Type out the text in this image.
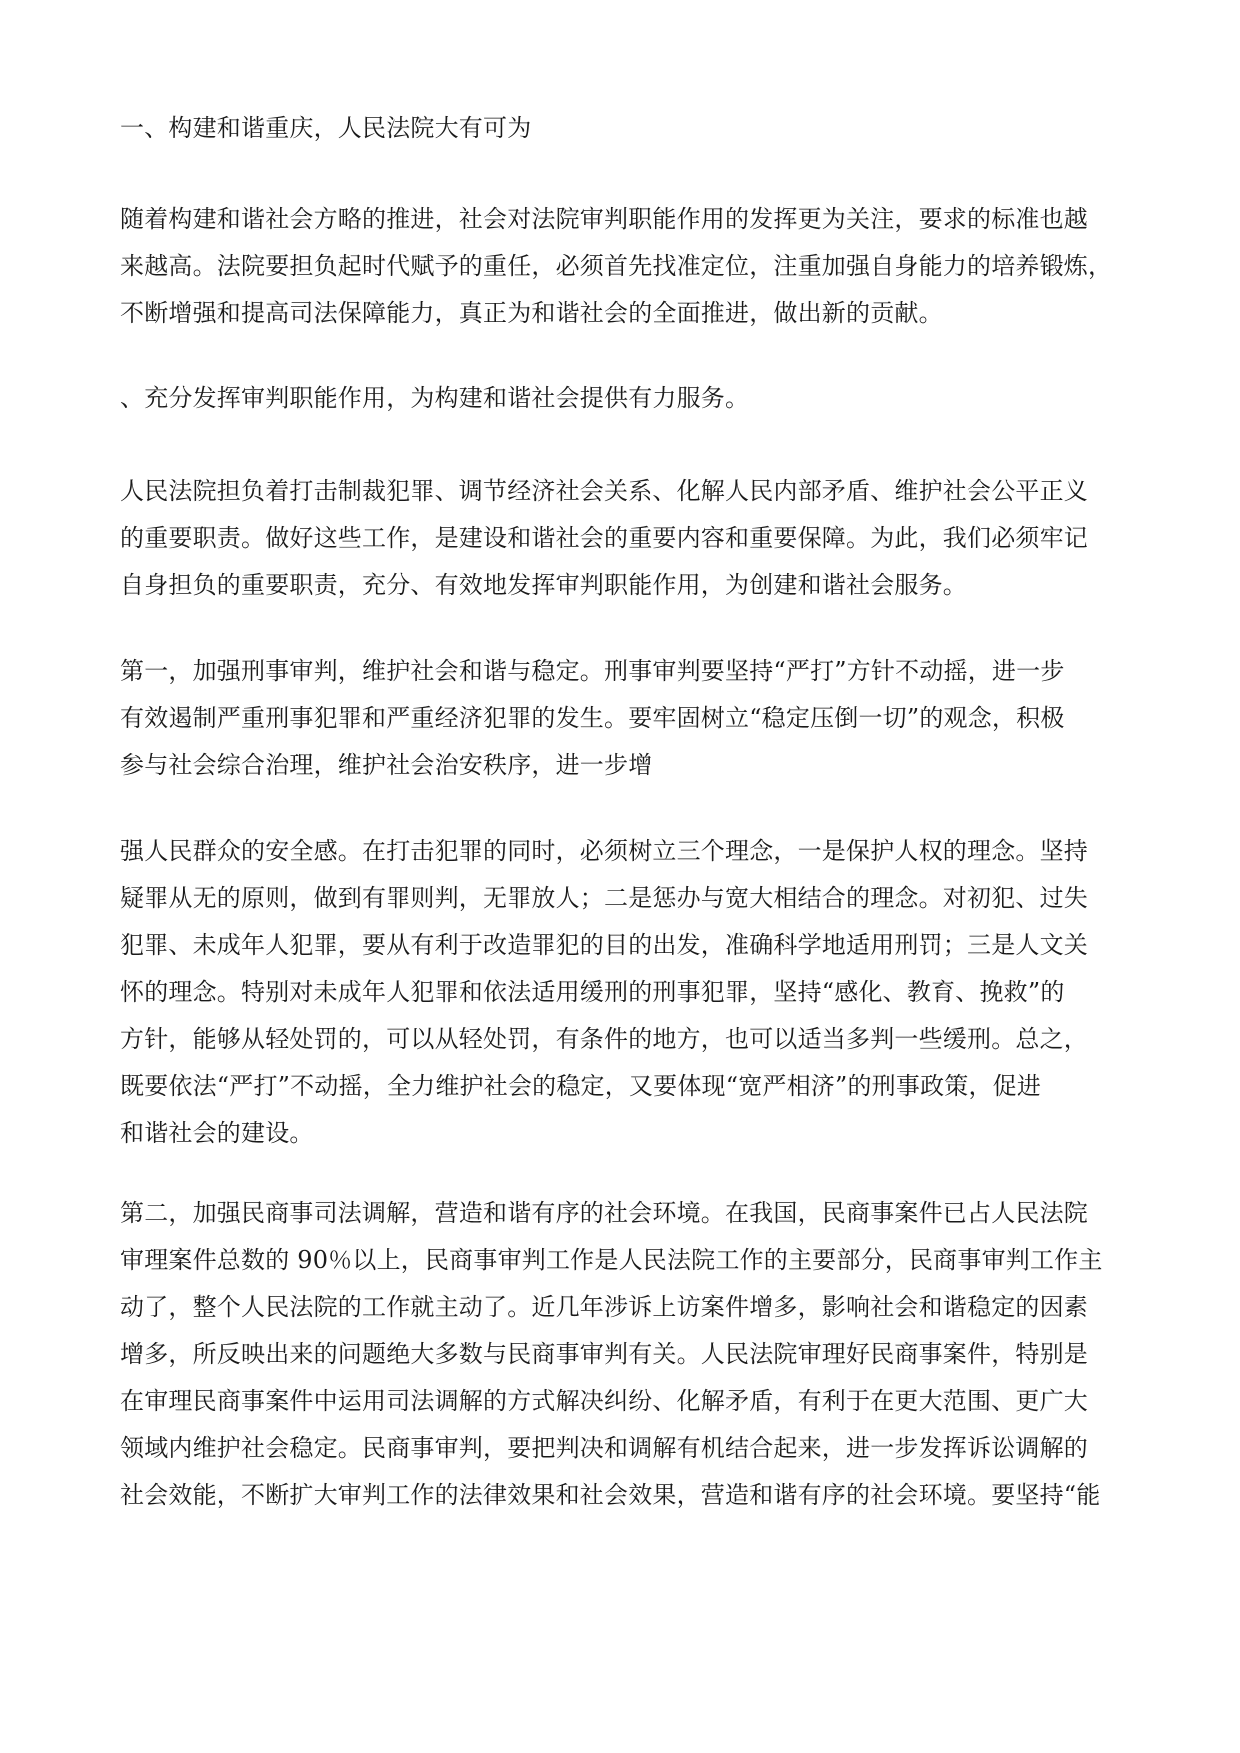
一、构建和谐重庆，人民法院大有可为
随着构建和谐社会方略的推进，社会对法院审判职能作用的发挥更为关注，要求的标准也越
来越高。法院要担负起时代赋予的重任，必须首先找准定位，注重加强自身能力的培养锻炼，
不断增强和提高司法保障能力，真正为和谐社会的全面推进，做出新的贡献。
、充分发挥审判职能作用，为构建和谐社会提供有力服务。
人民法院担负着打击制裁犯罪、调节经济社会关系、化解人民内部矛盾、维护社会公平正义
的重要职责。做好这些工作，是建设和谐社会的重要内容和重要保障。为此，我们必须牢记
自身担负的重要职责，充分、有效地发挥审判职能作用，为创建和谐社会服务。
第一，加强刑事审判，维护社会和谐与稳定。刑事审判要坚持“严打”方针不动摇，进一步
有效遏制严重刑事犯罪和严重经济犯罪的发生。要牢固树立“稳定压倒一切”的观念，积极
参与社会综合治理，维护社会治安秩序，进一步增
强人民群众的安全感。在打击犯罪的同时，必须树立三个理念，一是保护人权的理念。坚持
疑罪从无的原则，做到有罪则判，无罪放人；二是惩办与宽大相结合的理念。对初犯、过失
犯罪、未成年人犯罪，要从有利于改造罪犯的目的出发，准确科学地适用刑罚；三是人文关
怀的理念。特别对未成年人犯罪和依法适用缓刑的刑事犯罪，坚持“感化、教育、挽救”的
方针，能够从轻处罚的，可以从轻处罚，有条件的地方，也可以适当多判一些缓刑。总之，
既要依法“严打”不动摇，全力维护社会的稳定，又要体现“宽严相济”的刑事政策，促进
和谐社会的建设。
第二，加强民商事司法调解，营造和谐有序的社会环境。在我国，民商事案件已占人民法院
审理案件总数的 90％以上，民商事审判工作是人民法院工作的主要部分，民商事审判工作主
动了，整个人民法院的工作就主动了。近几年涉诉上访案件增多，影响社会和谐稳定的因素
增多，所反映出来的问题绝大多数与民商事审判有关。人民法院审理好民商事案件，特别是
在审理民商事案件中运用司法调解的方式解决纠纷、化解矛盾，有利于在更大范围、更广大
领域内维护社会稳定。民商事审判，要把判决和调解有机结合起来，进一步发挥诉讼调解的
社会效能，不断扩大审判工作的法律效果和社会效果，营造和谐有序的社会环境。要坚持“能
